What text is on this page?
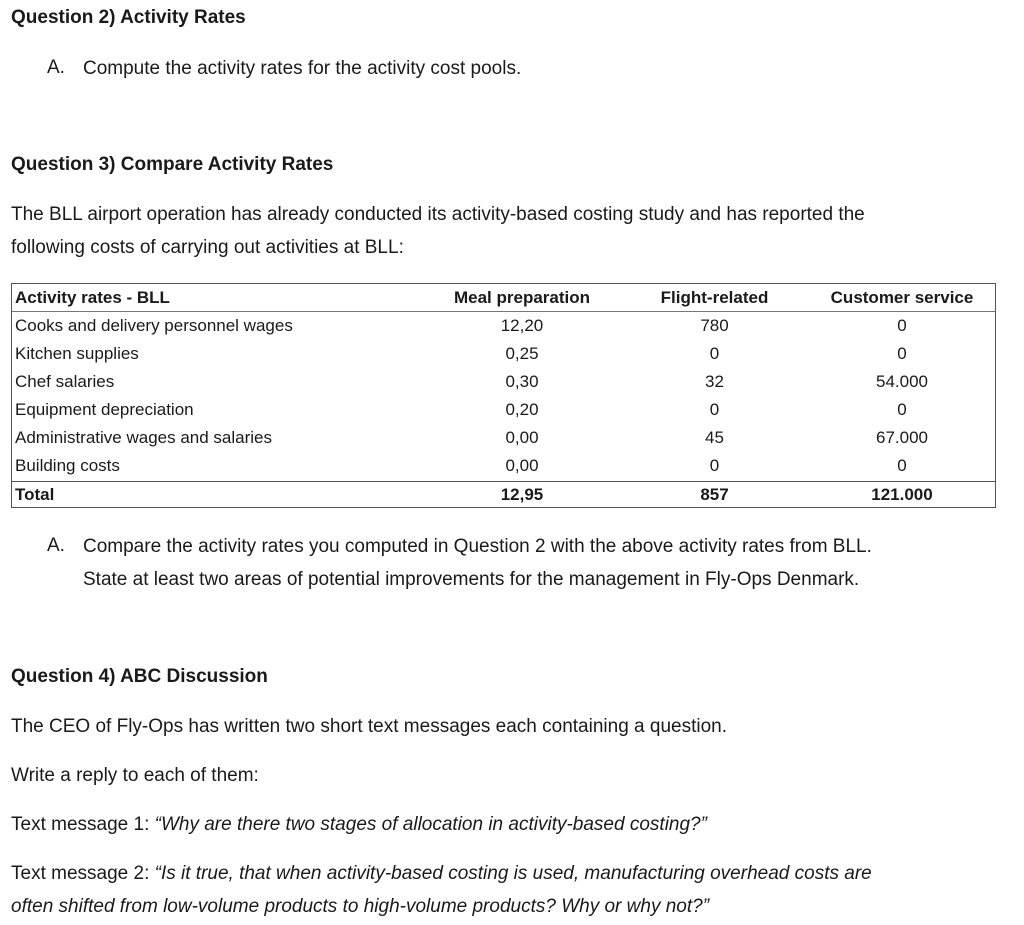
Question 2) Activity Rates
A. Compute the activity rates for the activity cost pools.
Question 3) Compare Activity Rates
The BLL airport operation has already conducted its activity-based costing study and has reported the
following costs of carrying out activities at BLL:
Activity rates - BLL	Meal preparation	Flight-related	Customer service
Cooks and delivery personnel wages	12,20	780	0
Kitchen supplies	0,25	0	0
Chef salaries	0,30	32	54.000
Equipment depreciation	0,20	0	0
Administrative wages and salaries	0,00	45	67.000
Building costs	0,00	0	0
Total	12,95	857	121.000
A. Compare the activity rates you computed in Question 2 with the above activity rates from BLL.
State at least two areas of potential improvements for the management in Fly-Ops Denmark.
Question 4) ABC Discussion
The CEO of Fly-Ops has written two short text messages each containing a question.
Write a reply to each of them:
Text message 1: “Why are there two stages of allocation in activity-based costing?”
Text message 2: “Is it true, that when activity-based costing is used, manufacturing overhead costs are
often shifted from low-volume products to high-volume products? Why or why not?”
